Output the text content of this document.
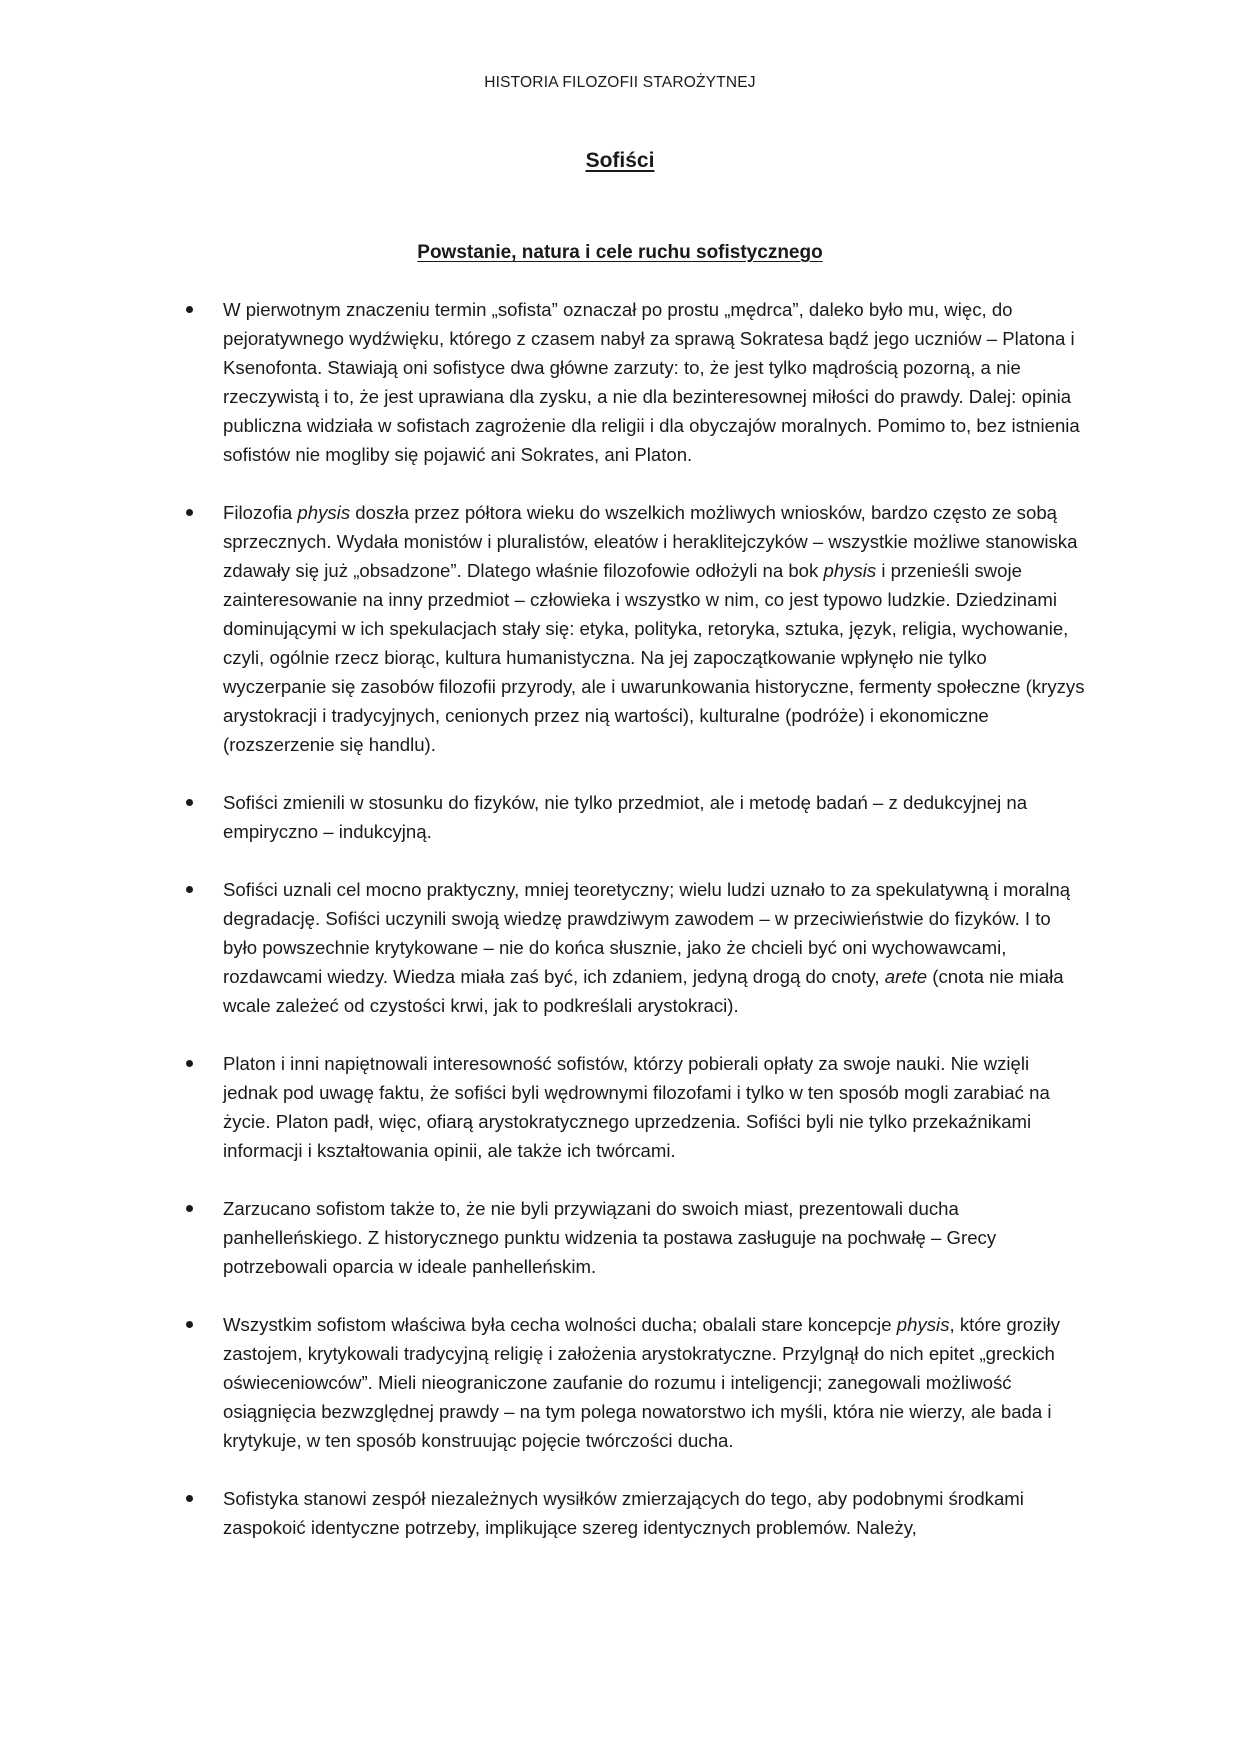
HISTORIA FILOZOFII STAROŻYTNEJ
Sofiści
Powstanie, natura i cele ruchu sofistycznego
W pierwotnym znaczeniu termin „sofista” oznaczał po prostu „mędrca”, daleko było mu, więc, do pejoratywnego wydźwięku, którego z czasem nabył za sprawą Sokratesa bądź jego uczniów – Platona i Ksenofonta. Stawiają oni sofistyce dwa główne zarzuty: to, że jest tylko mądrością pozorną, a nie rzeczywistą i to, że jest uprawiana dla zysku, a nie dla bezinteresownej miłości do prawdy. Dalej: opinia publiczna widziała w sofistach zagrożenie dla religii i dla obyczajów moralnych. Pomimo to, bez istnienia sofistów nie mogliby się pojawić ani Sokrates, ani Platon.
Filozofia physis doszła przez półtora wieku do wszelkich możliwych wniosków, bardzo często ze sobą sprzecznych. Wydała monistów i pluralistów, eleatów i heraklitejczyków – wszystkie możliwe stanowiska zdawały się już „obsadzone”. Dlatego właśnie filozofowie odłożyli na bok physis i przenieśli swoje zainteresowanie na inny przedmiot – człowieka i wszystko w nim, co jest typowo ludzkie. Dziedzinami dominującymi w ich spekulacjach stały się: etyka, polityka, retoryka, sztuka, język, religia, wychowanie, czyli, ogólnie rzecz biorąc, kultura humanistyczna. Na jej zapoczątkowanie wpłynęło nie tylko wyczerpanie się zasobów filozofii przyrody, ale i uwarunkowania historyczne, fermenty społeczne (kryzys arystokracji i tradycyjnych, cenionych przez nią wartości), kulturalne (podróże) i ekonomiczne (rozszerzenie się handlu).
Sofiści zmienili w stosunku do fizyków, nie tylko przedmiot, ale i metodę badań – z dedukcyjnej na empiryczno – indukcyjną.
Sofiści uznali cel mocno praktyczny, mniej teoretyczny; wielu ludzi uznało to za spekulatywną i moralną degradację. Sofiści uczynili swoją wiedzę prawdziwym zawodem – w przeciwieństwie do fizyków. I to było powszechnie krytykowane – nie do końca słusznie, jako że chcieli być oni wychowawcami, rozdawcami wiedzy. Wiedza miała zaś być, ich zdaniem, jedyną drogą do cnoty, arete (cnota nie miała wcale zależeć od czystości krwi, jak to podkreślali arystokraci).
Platon i inni napiętnowali interesowność sofistów, którzy pobierali opłaty za swoje nauki. Nie wzięli jednak pod uwagę faktu, że sofiści byli wędrownymi filozofami i tylko w ten sposób mogli zarabiać na życie. Platon padł, więc, ofiarą arystokratycznego uprzedzenia. Sofiści byli nie tylko przekaźnikami informacji i kształtowania opinii, ale także ich twórcami.
Zarzucano sofistom także to, że nie byli przywiązani do swoich miast, prezentowali ducha panhelleńskiego. Z historycznego punktu widzenia ta postawa zasługuje na pochwałę – Grecy potrzebowali oparcia w ideale panhelleńskim.
Wszystkim sofistom właściwa była cecha wolności ducha; obalali stare koncepcje physis, które groziły zastojem, krytykowali tradycyjną religię i założenia arystokratyczne. Przylgnął do nich epitet „greckich oświeceniowców”. Mieli nieograniczone zaufanie do rozumu i inteligencji; zanegowali możliwość osiągnięcia bezwzględnej prawdy – na tym polega nowatorstwo ich myśli, która nie wierzy, ale bada i krytykuje, w ten sposób konstruując pojęcie twórczości ducha.
Sofistyka stanowi zespół niezależnych wysiłków zmierzających do tego, aby podobnymi środkami zaspokoić identyczne potrzeby, implikujące szereg identycznych problemów. Należy,
